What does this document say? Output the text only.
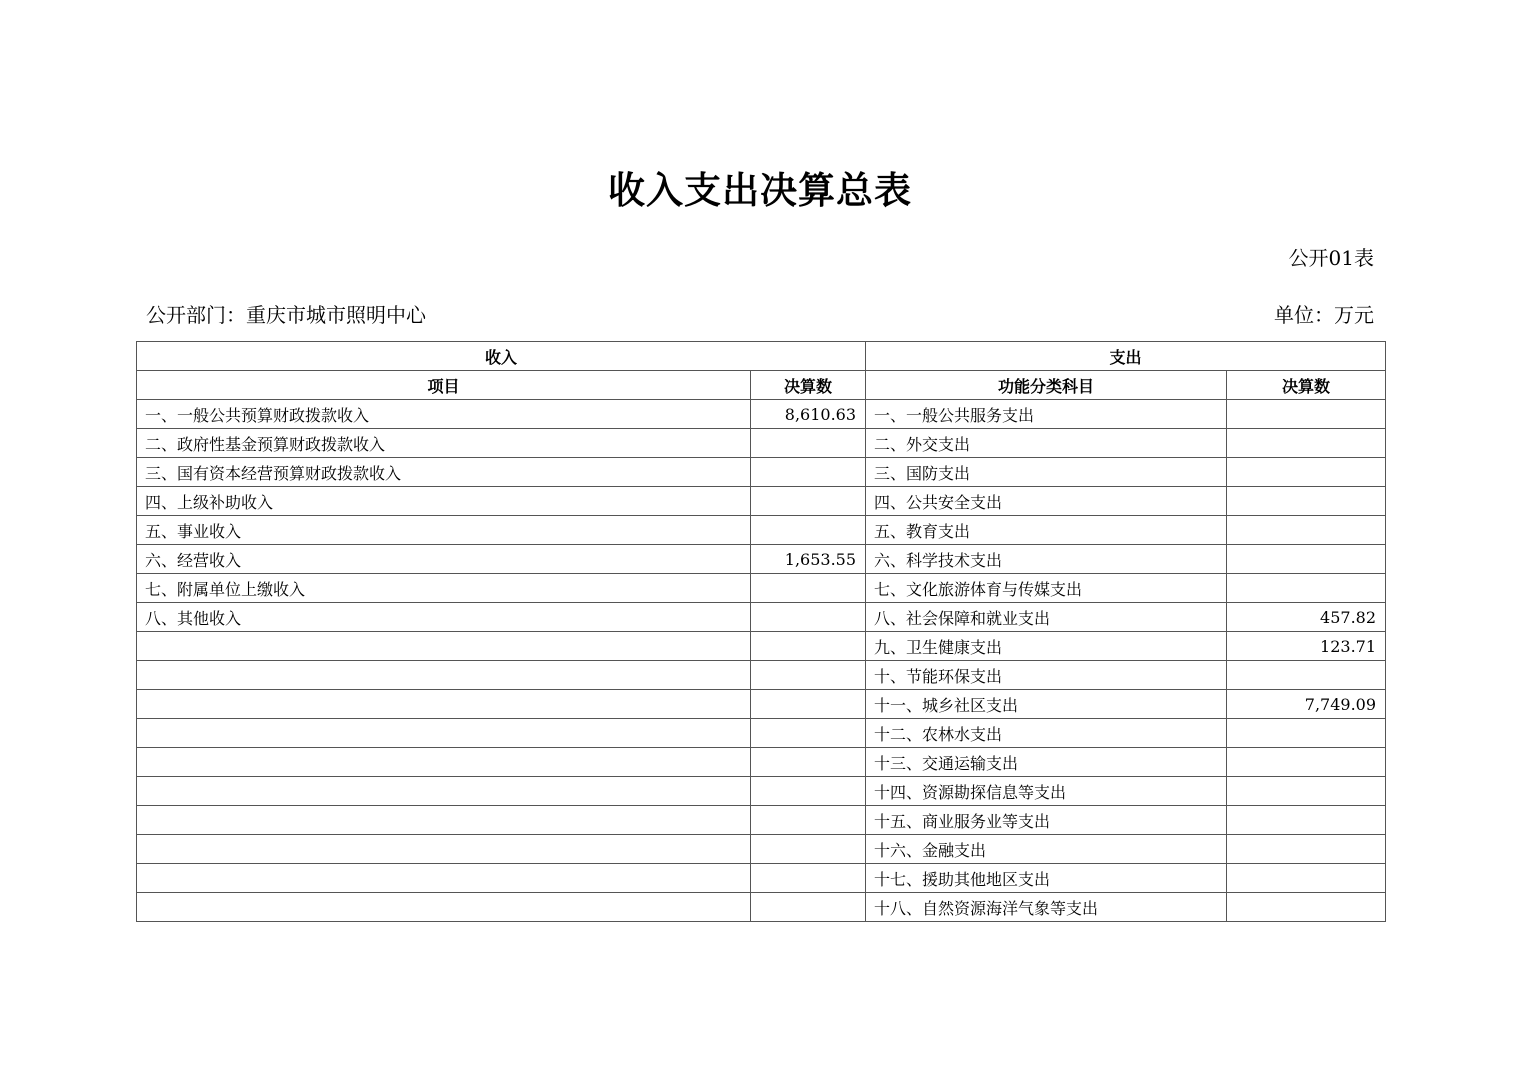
收入支出决算总表
公开01表
公开部门：重庆市城市照明中心	单位：万元
收入		支出	
项目	决算数	功能分类科目	决算数
一、一般公共预算财政拨款收入	8,610.63	一、一般公共服务支出	
二、政府性基金预算财政拨款收入		二、外交支出	
三、国有资本经营预算财政拨款收入		三、国防支出	
四、上级补助收入		四、公共安全支出	
五、事业收入		五、教育支出	
六、经营收入	1,653.55	六、科学技术支出	
七、附属单位上缴收入		七、文化旅游体育与传媒支出	
八、其他收入		八、社会保障和就业支出	457.82
		九、卫生健康支出	123.71
		十、节能环保支出	
		十一、城乡社区支出	7,749.09
		十二、农林水支出	
		十三、交通运输支出	
		十四、资源勘探信息等支出	
		十五、商业服务业等支出	
		十六、金融支出	
		十七、援助其他地区支出	
		十八、自然资源海洋气象等支出	
